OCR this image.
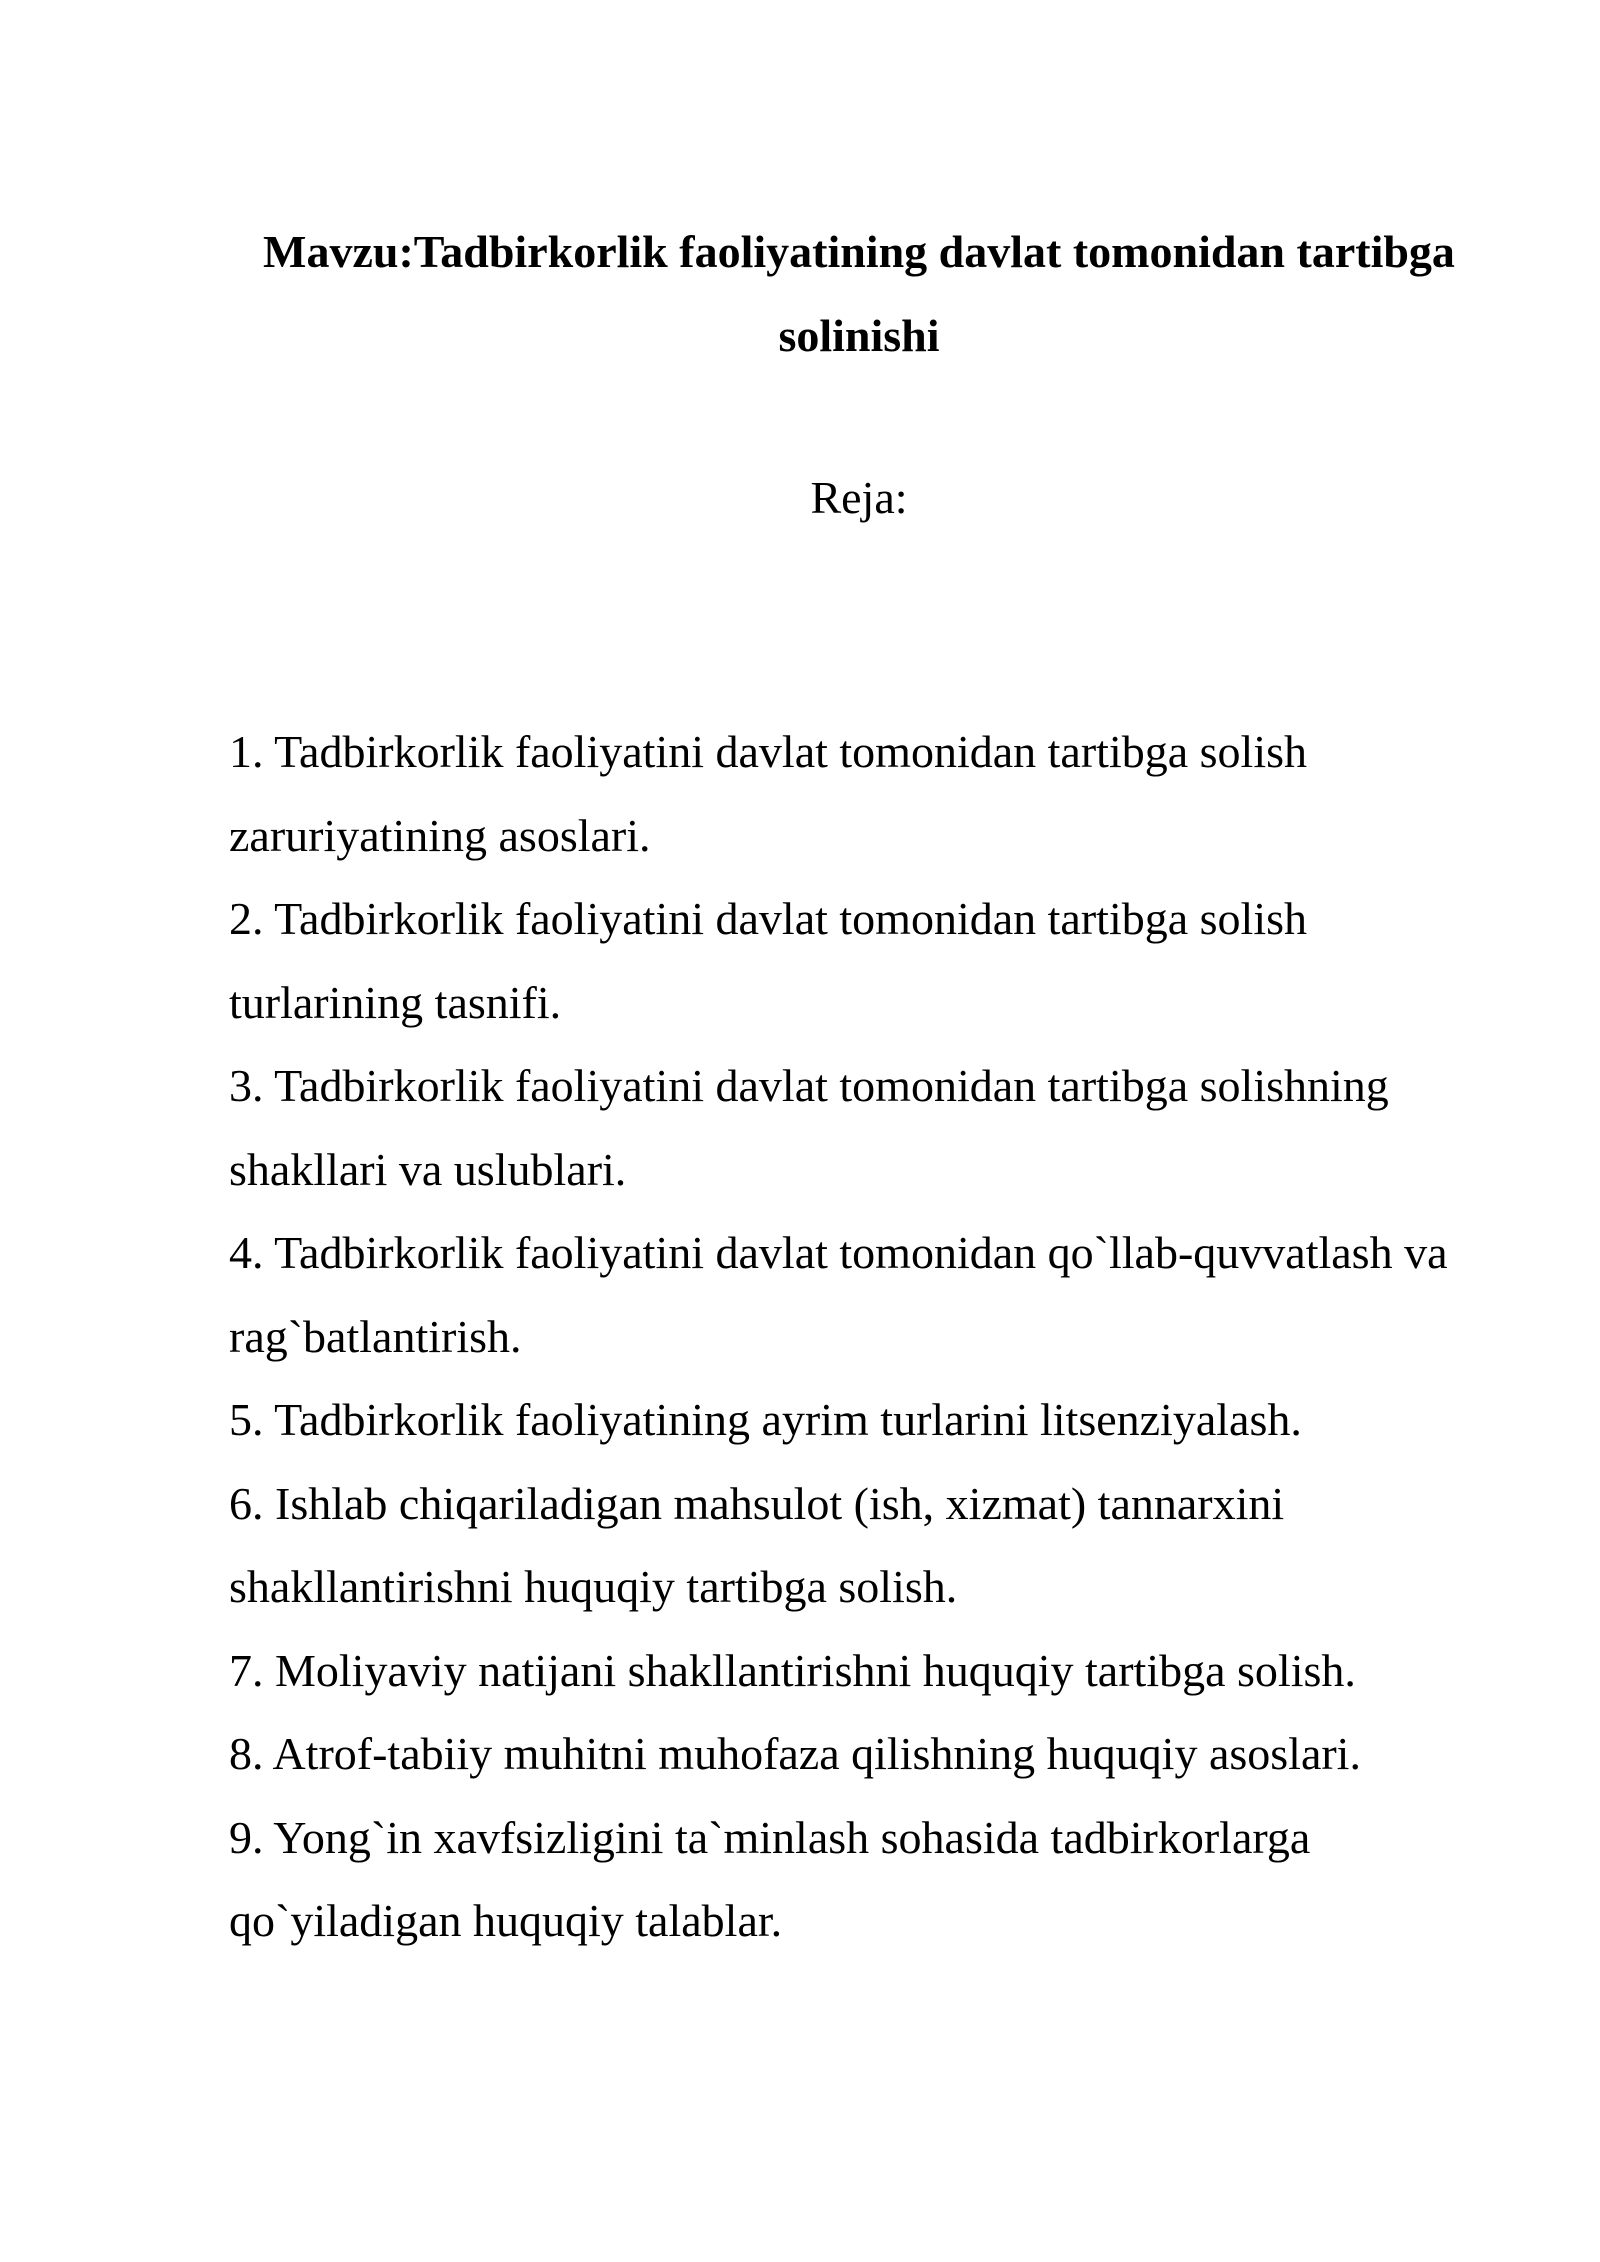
Mavzu:Tadbirkorlik faoliyatining davlat tomonidan tartibga solinishi
Reja:
1. Tadbirkorlik faoliyatini davlat tomonidan tartibga solish zaruriyatining asoslari.
2. Tadbirkorlik faoliyatini davlat tomonidan tartibga solish turlarining tasnifi.
3. Tadbirkorlik faoliyatini davlat tomonidan tartibga solishning shakllari va uslublari.
4. Tadbirkorlik faoliyatini davlat tomonidan qo`llab-quvvatlash va rag`batlantirish.
5. Tadbirkorlik faoliyatining ayrim turlarini litsenziyalash.
6. Ishlab chiqariladigan mahsulot (ish, xizmat) tannarxini shakllantirishni huquqiy tartibga solish.
7. Moliyaviy natijani shakllantirishni huquqiy tartibga solish.
8. Atrof-tabiiy muhitni muhofaza qilishning huquqiy asoslari.
9. Yong`in xavfsizligini ta`minlash sohasida tadbirkorlarga qo`yiladigan huquqiy talablar.
